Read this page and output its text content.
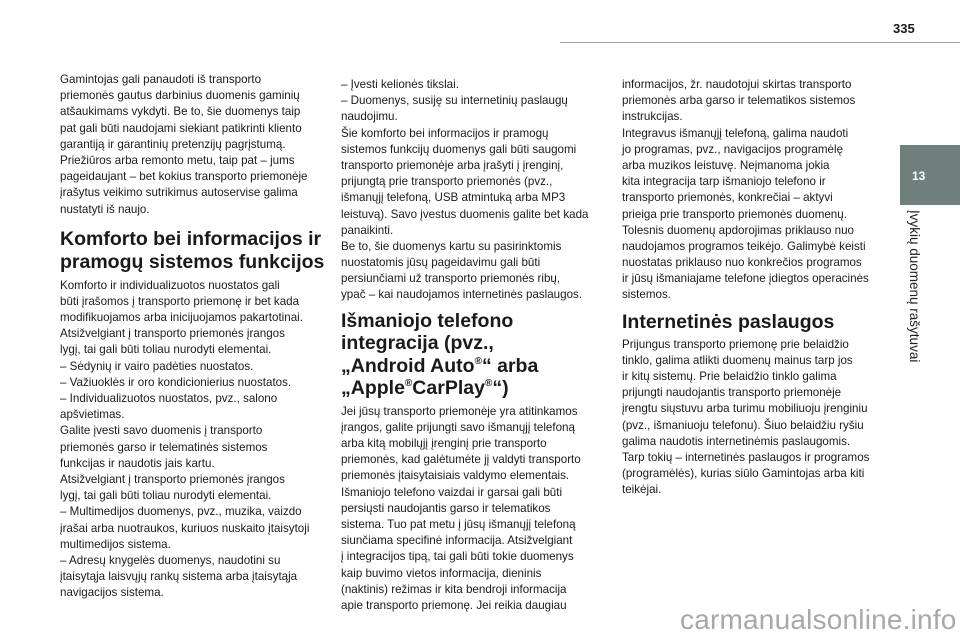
335
13
Įvykių duomenų rašytuvai
Gamintojas gali panaudoti iš transporto
priemonės gautus darbinius duomenis gaminių
atšaukimams vykdyti. Be to, šie duomenys taip
pat gali būti naudojami siekiant patikrinti kliento
garantiją ir garantinių pretenzijų pagrįstumą.
Priežiūros arba remonto metu, taip pat – jums
pageidaujant – bet kokius transporto priemonėje
įrašytus veikimo sutrikimus autoservise galima
nustatyti iš naujo.
Komforto bei informacijos ir
pramogų sistemos funkcijos
Komforto ir individualizuotos nuostatos gali
būti įrašomos į transporto priemonę ir bet kada
modifikuojamos arba inicijuojamos pakartotinai.
Atsižvelgiant į transporto priemonės įrangos
lygį, tai gali būti toliau nurodyti elementai.
– Sėdynių ir vairo padėties nuostatos.
– Važiuoklės ir oro kondicionierius nuostatos.
– Individualizuotos nuostatos, pvz., salono
apšvietimas.
Galite įvesti savo duomenis į transporto
priemonės garso ir telematinės sistemos
funkcijas ir naudotis jais kartu.
Atsižvelgiant į transporto priemonės įrangos
lygį, tai gali būti toliau nurodyti elementai.
– Multimedijos duomenys, pvz., muzika, vaizdo
įrašai arba nuotraukos, kuriuos nuskaito įtaisytoji
multimedijos sistema.
– Adresų knygelės duomenys, naudotini su
įtaisytąja laisvųjų rankų sistema arba įtaisytąja
navigacijos sistema.
– Įvesti kelionės tikslai.
– Duomenys, susiję su internetinių paslaugų
naudojimu.
Šie komforto bei informacijos ir pramogų
sistemos funkcijų duomenys gali būti saugomi
transporto priemonėje arba įrašyti į įrenginį,
prijungtą prie transporto priemonės (pvz.,
išmanųjį telefoną, USB atmintuką arba MP3
leistuvą). Savo įvestus duomenis galite bet kada
panaikinti.
Be to, šie duomenys kartu su pasirinktomis
nuostatomis jūsų pageidavimu gali būti
persiunčiami už transporto priemonės ribų,
ypač – kai naudojamos internetinės paslaugos.
Išmaniojo telefono
integracija (pvz.,
„Android Auto®“ arba
„Apple®CarPlay®“)
Jei jūsų transporto priemonėje yra atitinkamos
įrangos, galite prijungti savo išmanųjį telefoną
arba kitą mobilųjį įrenginį prie transporto
priemonės, kad galėtumėte jį valdyti transporto
priemonės įtaisytaisiais valdymo elementais.
Išmaniojo telefono vaizdai ir garsai gali būti
persiųsti naudojantis garso ir telematikos
sistema. Tuo pat metu į jūsų išmanųjį telefoną
siunčiama specifinė informacija. Atsižvelgiant
į integracijos tipą, tai gali būti tokie duomenys
kaip buvimo vietos informacija, dieninis
(naktinis) režimas ir kita bendroji informacija
apie transporto priemonę. Jei reikia daugiau
informacijos, žr. naudotojui skirtas transporto
priemonės arba garso ir telematikos sistemos
instrukcijas.
Integravus išmanųjį telefoną, galima naudoti
jo programas, pvz., navigacijos programėlę
arba muzikos leistuvę. Neįmanoma jokia
kita integracija tarp išmaniojo telefono ir
transporto priemonės, konkrečiai – aktyvi
prieiga prie transporto priemonės duomenų.
Tolesnis duomenų apdorojimas priklauso nuo
naudojamos programos teikėjo. Galimybė keisti
nuostatas priklauso nuo konkrečios programos
ir jūsų išmaniajame telefone įdiegtos operacinės
sistemos.
Internetinės paslaugos
Prijungus transporto priemonę prie belaidžio
tinklo, galima atlikti duomenų mainus tarp jos
ir kitų sistemų. Prie belaidžio tinklo galima
prijungti naudojantis transporto priemonėje
įrengtu siųstuvu arba turimu mobiliuoju įrenginiu
(pvz., išmaniuoju telefonu). Šiuo belaidžiu ryšiu
galima naudotis internetinėmis paslaugomis.
Tarp tokių – internetinės paslaugos ir programos
(programėlės), kurias siūlo Gamintojas arba kiti
teikėjai.
carmanualsonline.info
